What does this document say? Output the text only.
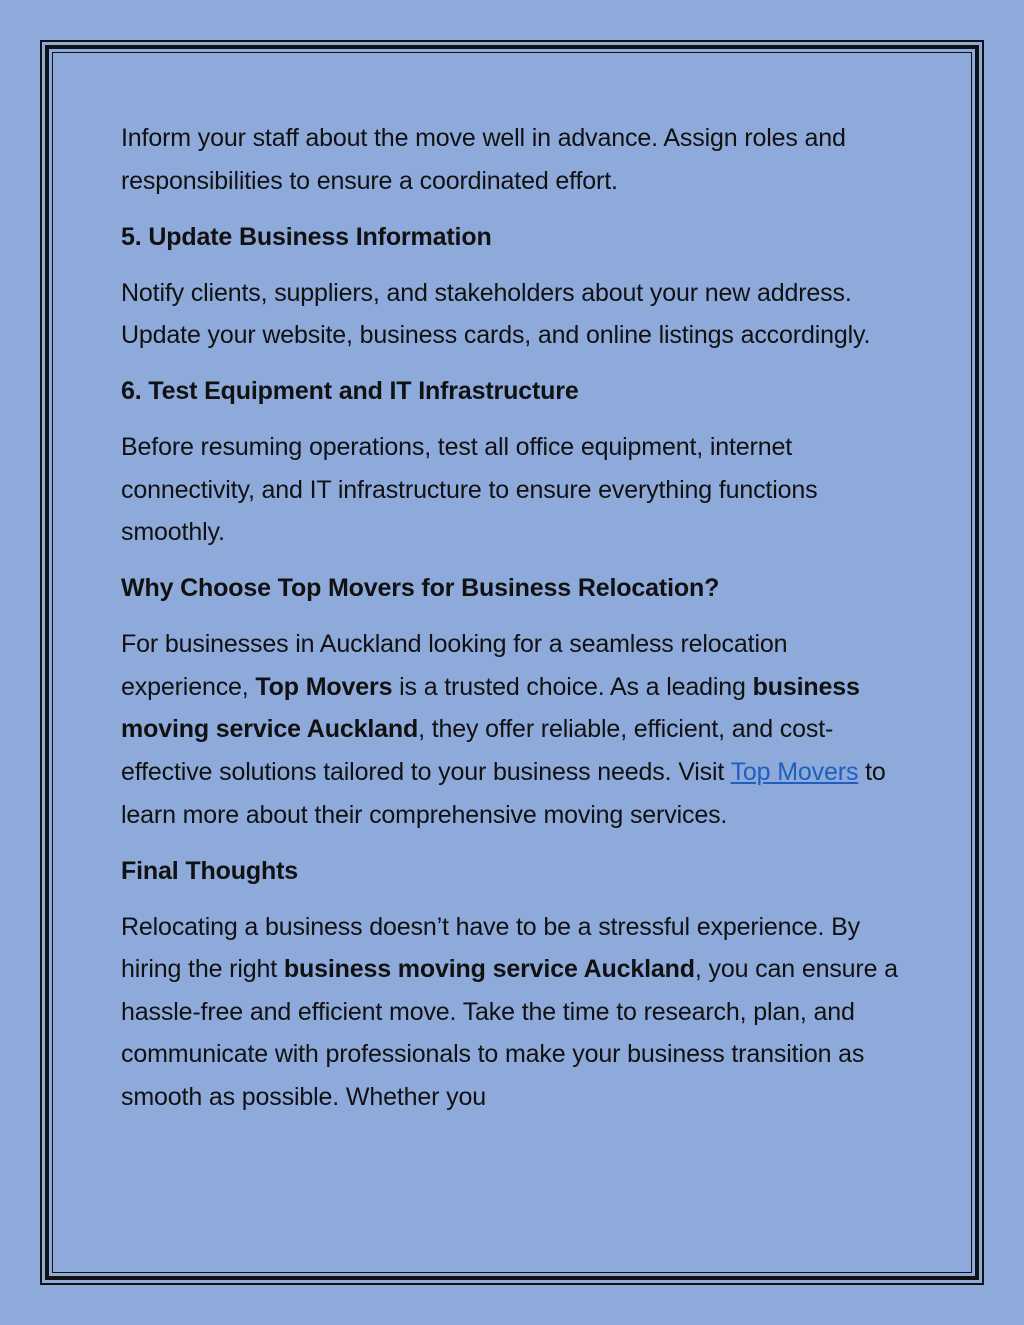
Inform your staff about the move well in advance. Assign roles and responsibilities to ensure a coordinated effort.

5. Update Business Information

Notify clients, suppliers, and stakeholders about your new address. Update your website, business cards, and online listings accordingly.

6. Test Equipment and IT Infrastructure

Before resuming operations, test all office equipment, internet connectivity, and IT infrastructure to ensure everything functions smoothly.

Why Choose Top Movers for Business Relocation?

For businesses in Auckland looking for a seamless relocation experience, Top Movers is a trusted choice. As a leading business moving service Auckland, they offer reliable, efficient, and cost-effective solutions tailored to your business needs. Visit Top Movers to learn more about their comprehensive moving services.

Final Thoughts

Relocating a business doesn’t have to be a stressful experience. By hiring the right business moving service Auckland, you can ensure a hassle-free and efficient move. Take the time to research, plan, and communicate with professionals to make your business transition as smooth as possible. Whether you
